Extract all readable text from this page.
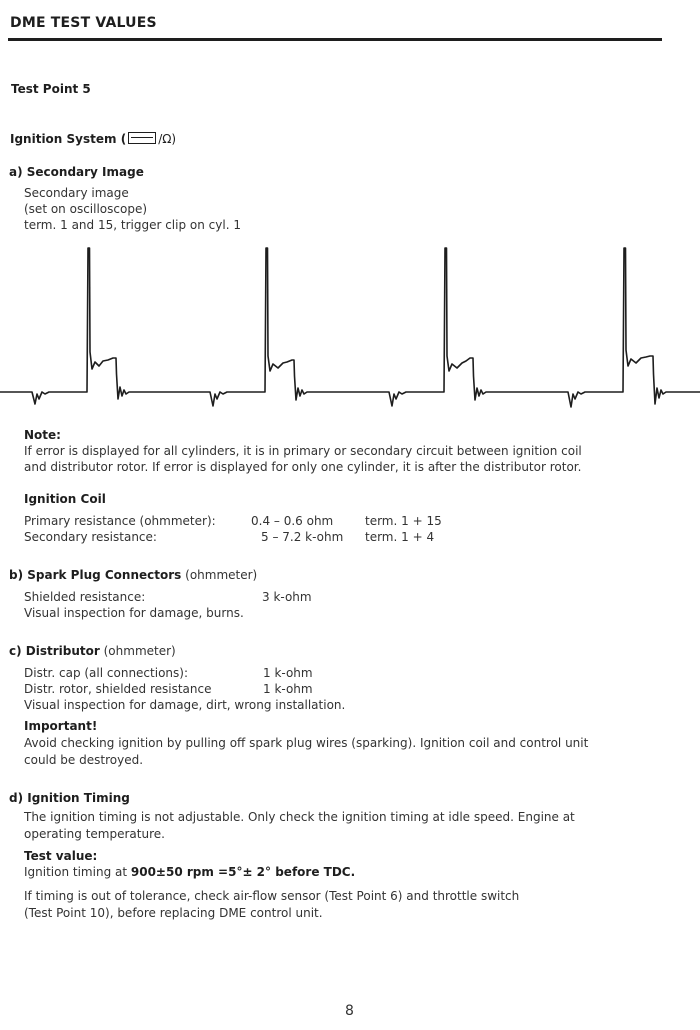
DME TEST VALUES
Test Point 5
Ignition System (	/Ω)
a) Secondary Image
Secondary image
(set on oscilloscope)
term. 1 and 15, trigger clip on cyl. 1
Note:
If error is displayed for all cylinders, it is in primary or secondary circuit between ignition coil
and distributor rotor. If error is displayed for only one cylinder, it is after the distributor rotor.
Ignition Coil
Primary resistance (ohmmeter):	0.4 – 0.6 ohm	term. 1 + 15
Secondary resistance:	5 – 7.2 k-ohm term. 1 + 4
b) Spark Plug Connectors (ohmmeter)
Shielded resistance:	3 k-ohm
Visual inspection for damage, burns.
c) Distributor (ohmmeter)
Distr. cap (all connections):	1 k-ohm
Distr. rotor, shielded resistance	1 k-ohm
Visual inspection for damage, dirt, wrong installation.
Important!
Avoid checking ignition by pulling off spark plug wires (sparking). Ignition coil and control unit
could be destroyed.
d) Ignition Timing
The ignition timing is not adjustable. Only check the ignition timing at idle speed. Engine at
operating temperature.
Test value:
Ignition timing at 900±50 rpm =5°± 2° before TDC.
If timing is out of tolerance, check air-flow sensor (Test Point 6) and throttle switch
(Test Point 10), before replacing DME control unit.
8
